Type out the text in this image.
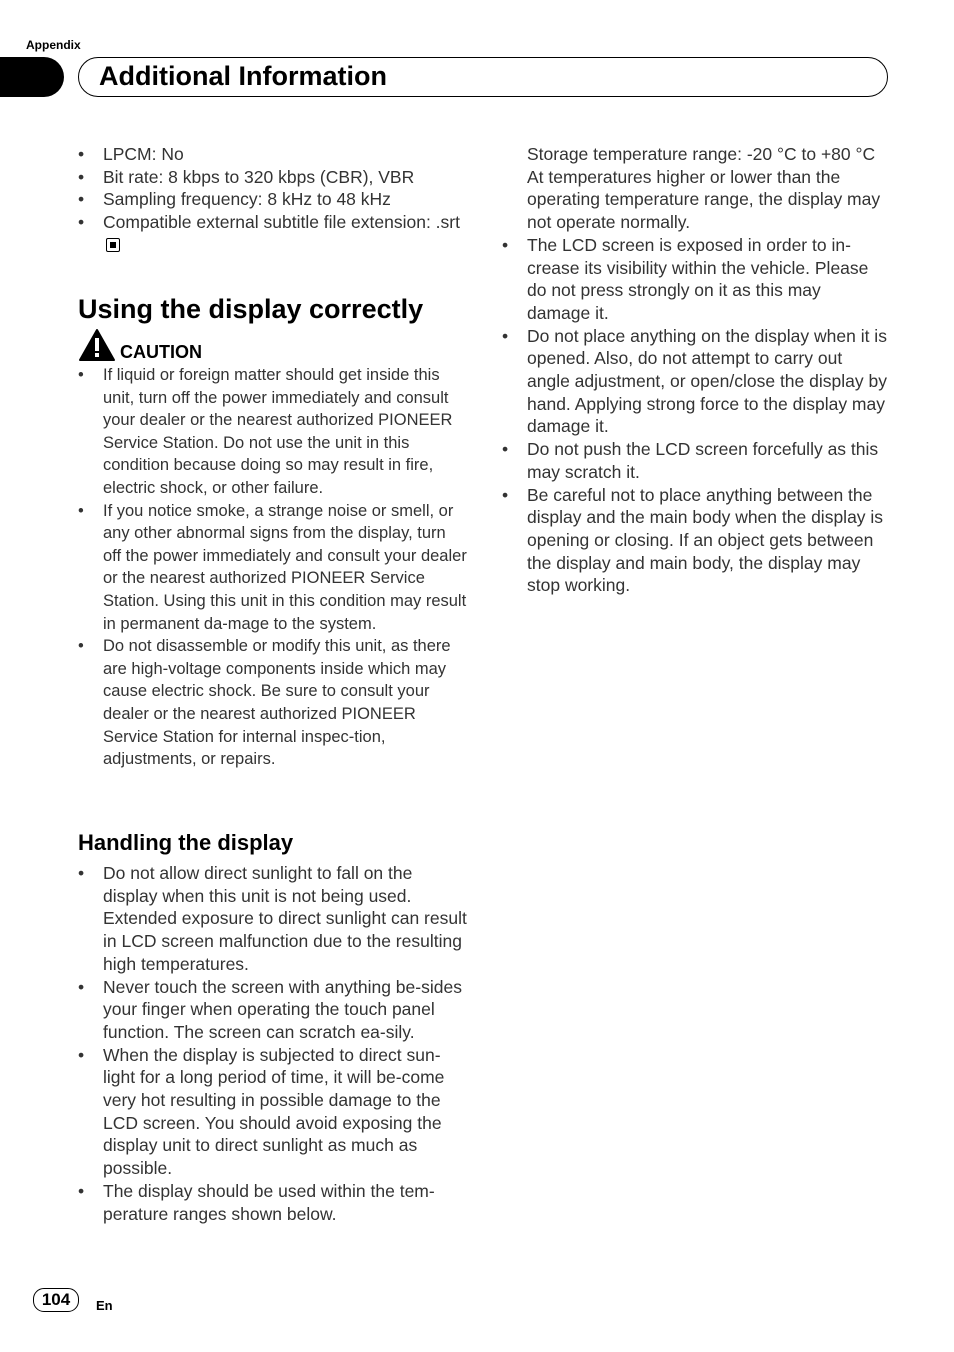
Appendix
Additional Information
• LPCM: No
• Bit rate: 8 kbps to 320 kbps (CBR), VBR
• Sampling frequency: 8 kHz to 48 kHz
• Compatible external subtitle file extension: .srt
Using the display correctly
CAUTION
• If liquid or foreign matter should get inside this unit, turn off the power immediately and consult your dealer or the nearest authorized PIONEER Service Station. Do not use the unit in this condition because doing so may result in fire, electric shock, or other failure.
• If you notice smoke, a strange noise or smell, or any other abnormal signs from the display, turn off the power immediately and consult your dealer or the nearest authorized PIONEER Service Station. Using this unit in this condition may result in permanent da-mage to the system.
• Do not disassemble or modify this unit, as there are high-voltage components inside which may cause electric shock. Be sure to consult your dealer or the nearest authorized PIONEER Service Station for internal inspec-tion, adjustments, or repairs.
Handling the display
• Do not allow direct sunlight to fall on the display when this unit is not being used. Extended exposure to direct sunlight can result in LCD screen malfunction due to the resulting high temperatures.
• Never touch the screen with anything be-sides your finger when operating the touch panel function. The screen can scratch ea-sily.
• When the display is subjected to direct sun-light for a long period of time, it will be-come very hot resulting in possible damage to the LCD screen. You should avoid exposing the display unit to direct sunlight as much as possible.
• The display should be used within the tem-perature ranges shown below.

Storage temperature range: -20 °C to +80 °C

At temperatures higher or lower than the operating temperature range, the display may not operate normally.

• The LCD screen is exposed in order to in-crease its visibility within the vehicle. Please do not press strongly on it as this may damage it.
• Do not place anything on the display when it is opened. Also, do not attempt to carry out angle adjustment, or open/close the display by hand. Applying strong force to the display may damage it.
• Do not push the LCD screen forcefully as this may scratch it.
• Be careful not to place anything between the display and the main body when the display is opening or closing. If an object gets between the display and main body, the display may stop working.
104	En
